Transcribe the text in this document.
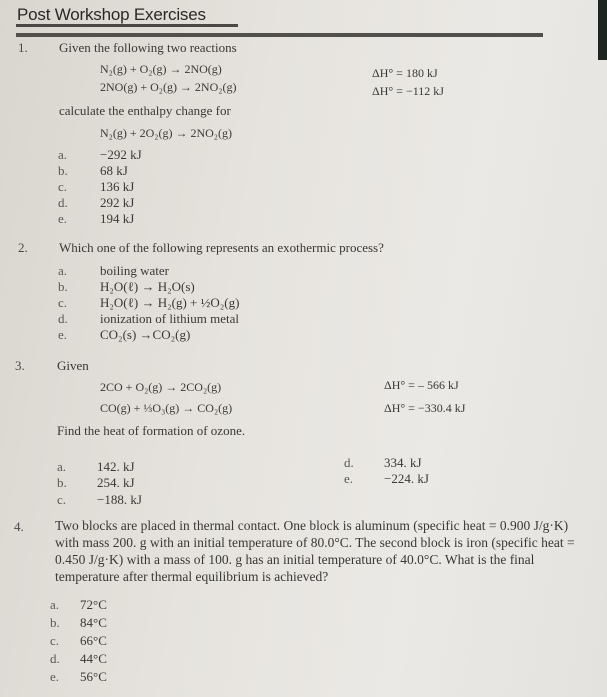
Post Workshop Exercises
1. Given the following two reactions
N₂(g) + O₂(g) → 2NO(g)	ΔH° = 180 kJ
2NO(g) + O₂(g) → 2NO₂(g)	ΔH° = −112 kJ
calculate the enthalpy change for
N₂(g) + 2O₂(g) → 2NO₂(g)
a.	−292 kJ
b. 68 kJ
c.	136 kJ
d. 292 kJ
e.	194 kJ
2. Which one of the following represents an exothermic process?
a.	boiling water
b. H₂O(ℓ) → H₂O(s)
c.	H₂O(ℓ) → H₂(g) + ½O₂(g)
d. ionization of lithium metal
e.	CO₂(s) →CO₂(g)
3. Given
2CO + O₂(g) → 2CO₂(g)	ΔH° = – 566 kJ
CO(g) + ⅓O₃(g) → CO₂(g)	ΔH° = −330.4 kJ
Find the heat of formation of ozone.
a. 142. kJ
b. 254. kJ
c. −188. kJ
d. 334. kJ
e. −224. kJ
4. Two blocks are placed in thermal contact. One block is aluminum (specific heat = 0.900 J/g·K) with mass 200. g with an initial temperature of 80.0°C. The second block is iron (specific heat = 0.450 J/g·K) with a mass of 100. g has an initial temperature of 40.0°C. What is the final temperature after thermal equilibrium is achieved?
a. 72°C
b. 84°C
c. 66°C
d. 44°C
e. 56°C
